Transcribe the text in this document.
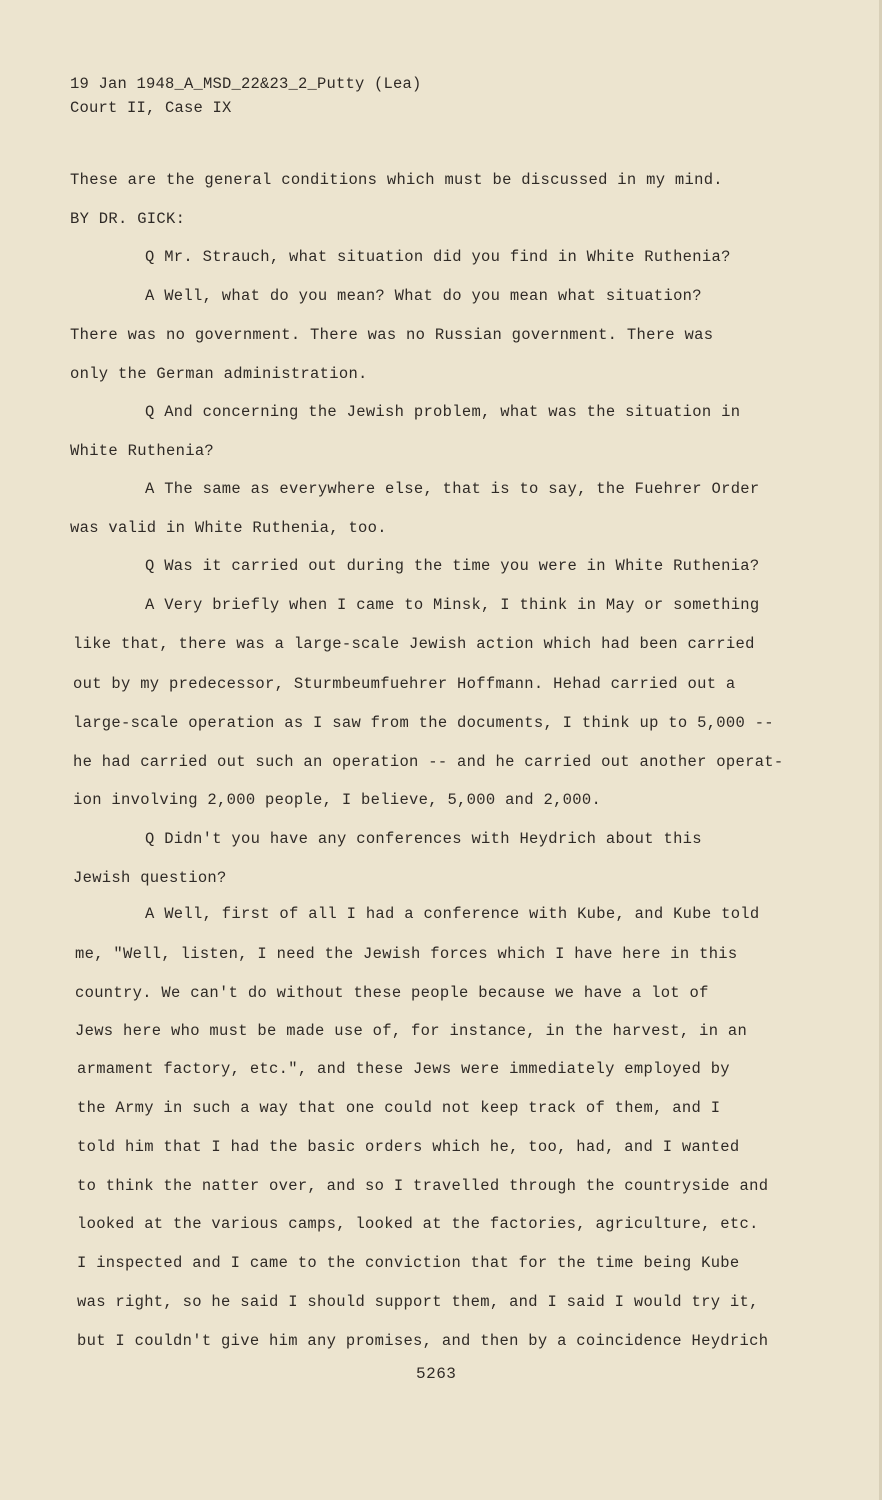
19 Jan 1948_A_MSD_22&23_2_Putty (Lea)
Court II, Case IX
These are the general conditions which must be discussed in my mind.
BY DR. GICK:
Q Mr. Strauch, what situation did you find in White Ruthenia?
A Well, what do you mean? What do you mean what situation?
There was no government. There was no Russian government. There was
only the German administration.
Q And concerning the Jewish problem, what was the situation in
White Ruthenia?
A The same as everywhere else, that is to say, the Fuehrer Order
was valid in White Ruthenia, too.
Q Was it carried out during the time you were in White Ruthenia?
A Very briefly when I came to Minsk, I think in May or something
like that, there was a large-scale Jewish action which had been carried
out by my predecessor, Sturmbeumfuehrer Hoffmann. Hehad carried out a
large-scale operation as I saw from the documents, I think up to 5,000 --
he had carried out such an operation -- and he carried out another operat-
ion involving 2,000 people, I believe, 5,000 and 2,000.
Q Didn't you have any conferences with Heydrich about this
Jewish question?
A Well, first of all I had a conference with Kube, and Kube told
me, "Well, listen, I need the Jewish forces which I have here in this
country. We can't do without these people because we have a lot of
Jews here who must be made use of, for instance, in the harvest, in an
armament factory, etc.", and these Jews were immediately employed by
the Army in such a way that one could not keep track of them, and I
told him that I had the basic orders which he, too, had, and I wanted
to think the natter over, and so I travelled through the countryside and
looked at the various camps, looked at the factories, agriculture, etc.
I inspected and I came to the conviction that for the time being Kube
was right, so he said I should support them, and I said I would try it,
but I couldn't give him any promises, and then by a coincidence Heydrich
5263
